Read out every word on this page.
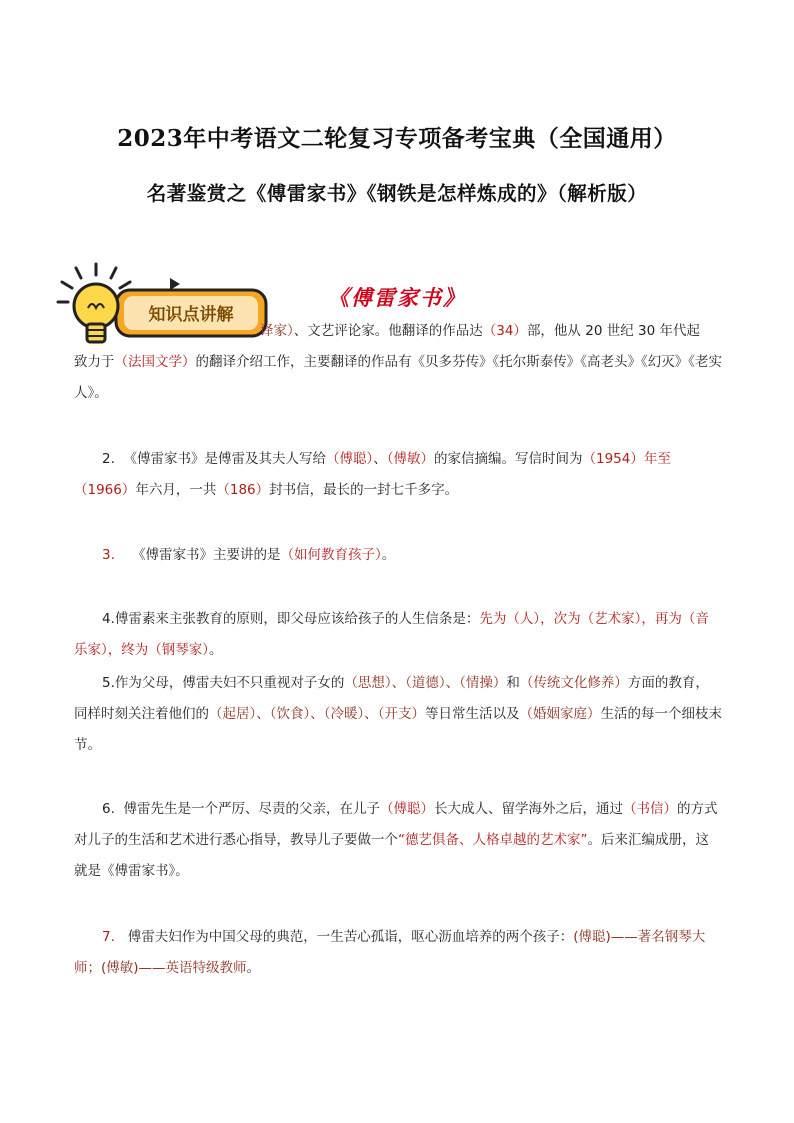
2023年中考语文二轮复习专项备考宝典（全国通用）
名著鉴赏之《傅雷家书》《钢铁是怎样炼成的》（解析版）
知识点讲解
《傅雷家书》
译家）、文艺评论家。他翻译的作品达（34）部，他从 20 世纪 30 年代起
致力于（法国文学）的翻译介绍工作，主要翻译的作品有《贝多芬传》《托尔斯泰传》《高老头》《幻灭》《老实人》。
2. 《傅雷家书》是傅雷及其夫人写给（傅聪）、（傅敏）的家信摘编。写信时间为（1954）年至（1966）年六月，一共（186）封书信，最长的一封七千多字。
3. 《傅雷家书》主要讲的是（如何教育孩子）。
4.傅雷素来主张教育的原则，即父母应该给孩子的人生信条是：先为（人），次为（艺术家），再为（音乐家），终为（钢琴家）。
5.作为父母，傅雷夫妇不只重视对子女的（思想）、（道德）、（情操）和（传统文化修养）方面的教育，同样时刻关注着他们的（起居）、（饮食）、（冷暖）、（开支）等日常生活以及（婚姻家庭）生活的每一个细枝末节。
6. 傅雷先生是一个严厉、尽责的父亲，在儿子（傅聪）长大成人、留学海外之后，通过（书信）的方式对儿子的生活和艺术进行悉心指导，教导儿子要做一个“德艺俱备、人格卓越的艺术家”。后来汇编成册，这就是《傅雷家书》。
7. 傅雷夫妇作为中国父母的典范，一生苦心孤诣，呕心沥血培养的两个孩子：(傅聪)——著名钢琴大师；(傅敏)——英语特级教师。
